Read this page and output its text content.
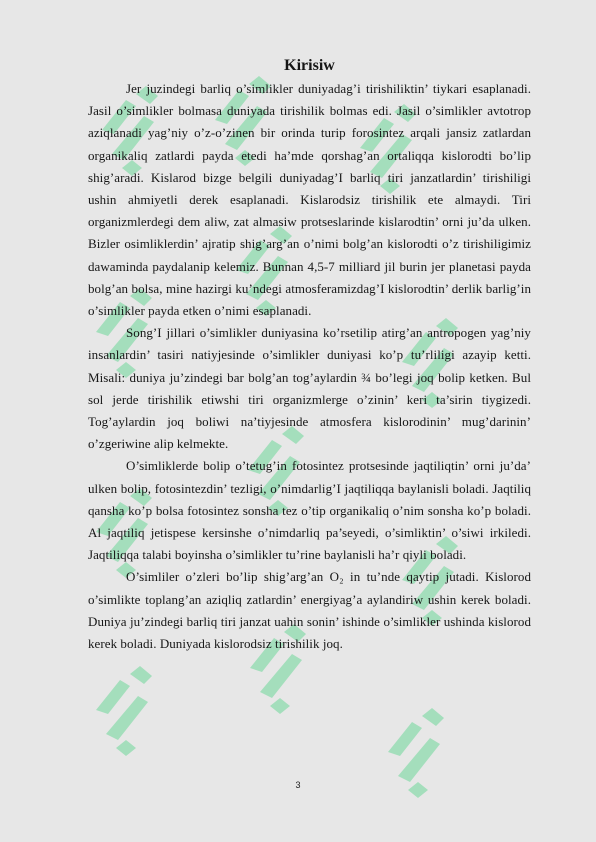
Kirisiw

Jer juzindegi barliq o’simlikler duniyadag’i tirishiliktin’ tiykari esaplanadi. Jasil o’simlikler bolmasa duniyada tirishilik bolmas edi. Jasil o’simlikler avtotrop aziqlanadi yag’niy o’z-o’zinen bir orinda turip forosintez arqali jansiz zatlardan organikaliq zatlardi payda etedi ha’mde qorshag’an ortaliqqa kislorodti bo’lip shig’aradi. Kislarod bizge belgili duniyadag’I barliq tiri janzatlardin’ tirishiligi ushin ahmiyetli derek esaplanadi. Kislarodsiz tirishilik ete almaydi. Tiri organizmlerdegi dem aliw, zat almasiw protseslarinde kislarodtin’ orni ju’da ulken. Bizler osimliklerdin’ ajratip shig’arg’an o’nimi bolg’an kislorodti o’z tirishiligimiz dawaminda paydalanip kelemiz. Bunnan 4,5-7 milliard jil burin jer planetasi payda bolg’an bolsa, mine hazirgi ku’ndegi atmosferamizdag’I kislorodtin’ derlik barlig’in o’simlikler payda etken o’nimi esaplanadi.

Song’I jillari o’simlikler duniyasina ko’rsetilip atirg’an antropogen yag’niy insanlardin’ tasiri natiyjesinde o’simlikler duniyasi ko’p tu’rliligi azayip ketti. Misali: duniya ju’zindegi bar bolg’an tog’aylardin ¾ bo’legi joq bolip ketken. Bul sol jerde tirishilik etiwshi tiri organizmlerge o’zinin’ keri ta’sirin tiygizedi. Tog’aylardin joq boliwi na’tiyjesinde atmosfera kislorodinin’ mug’darinin’ o’zgeriwine alip kelmekte.

O’simliklerde bolip o’tetug’in fotosintez protsesinde jaqtiliqtin’ orni ju’da’ ulken bolip, fotosintezdin’ tezligi, o’nimdarlig’I jaqtiliqqa baylanisli boladi. Jaqtiliq qansha ko’p bolsa fotosintez sonsha tez o’tip organikaliq o’nim sonsha ko’p boladi. Al jaqtiliq jetispese kersinshe o’nimdarliq pa’seyedi, o’simliktin’ o’siwi irkiledi. Jaqtiliqqa talabi boyinsha o’simlikler tu’rine baylanisli ha’r qiyli boladi.

O’simliler o’zleri bo’lip shig’arg’an O₂ in tu’nde qaytip jutadi. Kislorod o’simlikte toplang’an aziqliq zatlardin’ energiyag’a aylandiriw ushin kerek boladi. Duniya ju’zindegi barliq tiri janzat uahin sonin’ ishinde o’simlikler ushinda kislorod kerek boladi. Duniyada kislorodsiz tirishilik joq.

3
